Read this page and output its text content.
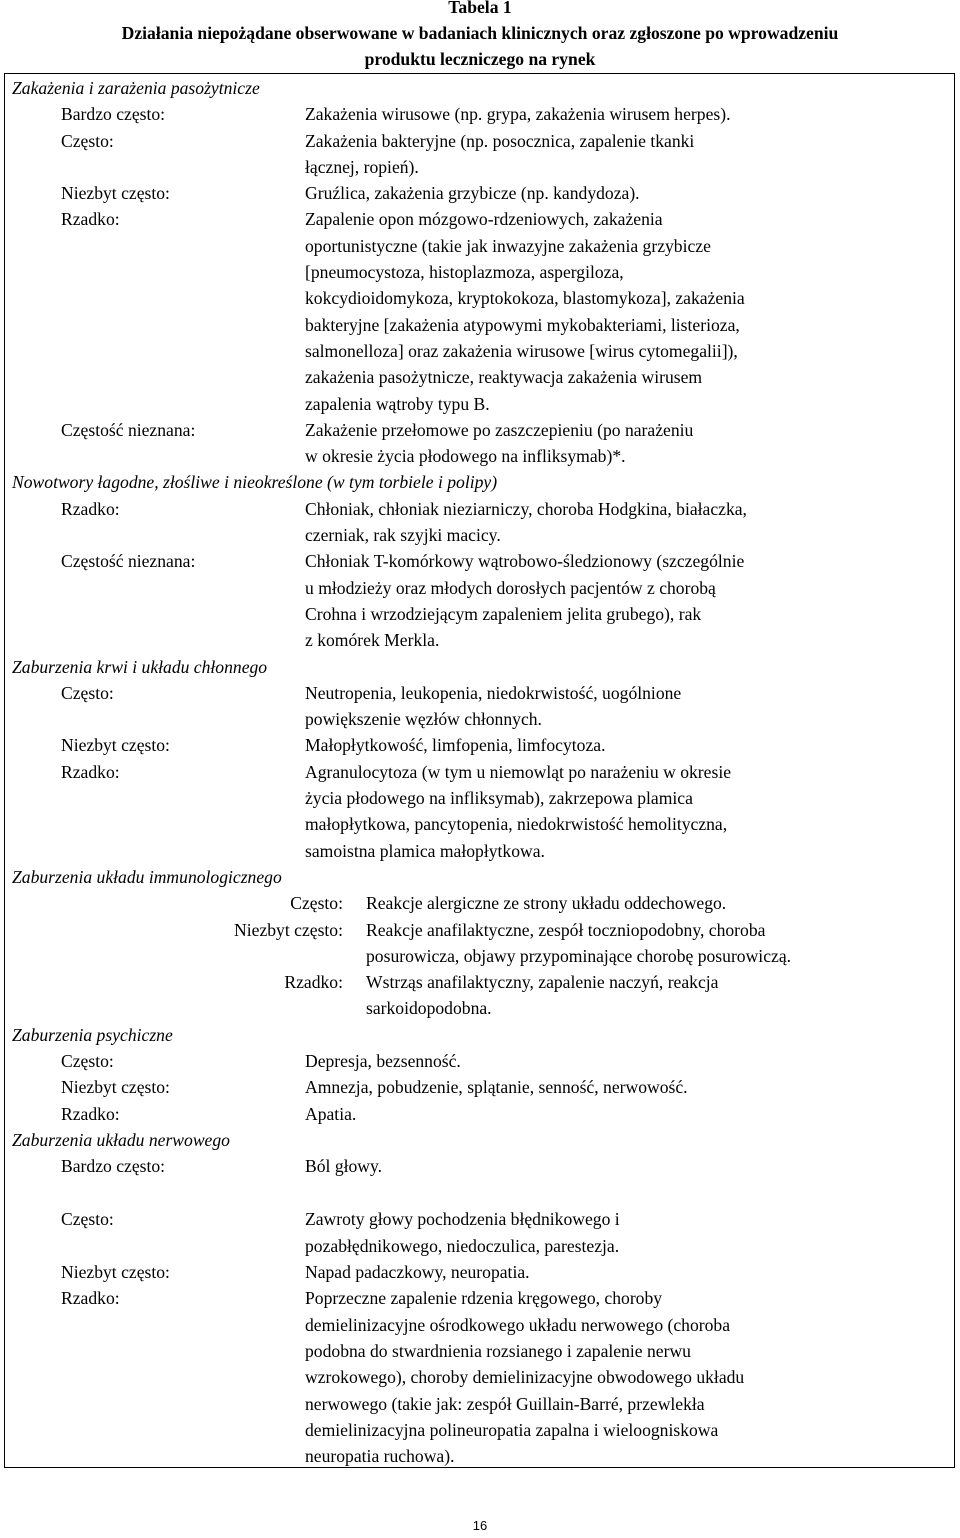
Tabela 1
Działania niepożądane obserwowane w badaniach klinicznych oraz zgłoszone po wprowadzeniu
produktu leczniczego na rynek
Zakażenia i zarażenia pasożytnicze
Bardzo często:	Zakażenia wirusowe (np. grypa, zakażenia wirusem herpes).
Często:	Zakażenia bakteryjne (np. posocznica, zapalenie tkanki
łącznej, ropień).
Niezbyt często:	Gruźlica, zakażenia grzybicze (np. kandydoza).
Rzadko:	Zapalenie opon mózgowo-rdzeniowych, zakażenia
oportunistyczne (takie jak inwazyjne zakażenia grzybicze
[pneumocystoza, histoplazmoza, aspergiloza,
kokcydioidomykoza, kryptokokoza, blastomykoza], zakażenia
bakteryjne [zakażenia atypowymi mykobakteriami, listerioza,
salmonelloza] oraz zakażenia wirusowe [wirus cytomegalii]),
zakażenia pasożytnicze, reaktywacja zakażenia wirusem
zapalenia wątroby typu B.
Częstość nieznana:	Zakażenie przełomowe po zaszczepieniu (po narażeniu
w okresie życia płodowego na infliksymab)*.
Nowotwory łagodne, złośliwe i nieokreślone (w tym torbiele i polipy)
Rzadko:	Chłoniak, chłoniak nieziarniczy, choroba Hodgkina, białaczka,
czerniak, rak szyjki macicy.
Częstość nieznana:	Chłoniak T-komórkowy wątrobowo-śledzionowy (szczególnie
u młodzieży oraz młodych dorosłych pacjentów z chorobą
Crohna i wrzodziejącym zapaleniem jelita grubego), rak
z komórek Merkla.
Zaburzenia krwi i układu chłonnego
Często:	Neutropenia, leukopenia, niedokrwistość, uogólnione
powiększenie węzłów chłonnych.
Niezbyt często:	Małopłytkowość, limfopenia, limfocytoza.
Rzadko:	Agranulocytoza (w tym u niemowląt po narażeniu w okresie
życia płodowego na infliksymab), zakrzepowa plamica
małopłytkowa, pancytopenia, niedokrwistość hemolityczna,
samoistna plamica małopłytkowa.
Zaburzenia układu immunologicznego
Często: Reakcje alergiczne ze strony układu oddechowego.
Niezbyt często: Reakcje anafilaktyczne, zespół toczniopodobny, choroba
posurowicza, objawy przypominające chorobę posurowiczą.
Rzadko: Wstrząs anafilaktyczny, zapalenie naczyń, reakcja
sarkoidopodobna.
Zaburzenia psychiczne
Często:	Depresja, bezsenność.
Niezbyt często:	Amnezja, pobudzenie, splątanie, senność, nerwowość.
Rzadko:	Apatia.
Zaburzenia układu nerwowego
Bardzo często:	Ból głowy.
Często:	Zawroty głowy pochodzenia błędnikowego i
pozabłędnikowego, niedoczulica, parestezja.
Niezbyt często:	Napad padaczkowy, neuropatia.
Rzadko:	Poprzeczne zapalenie rdzenia kręgowego, choroby
demielinizacyjne ośrodkowego układu nerwowego (choroba
podobna do stwardnienia rozsianego i zapalenie nerwu
wzrokowego), choroby demielinizacyjne obwodowego układu
nerwowego (takie jak: zespół Guillain-Barré, przewlekła
demielinizacyjna polineuropatia zapalna i wieloogniskowa
neuropatia ruchowa).
16
